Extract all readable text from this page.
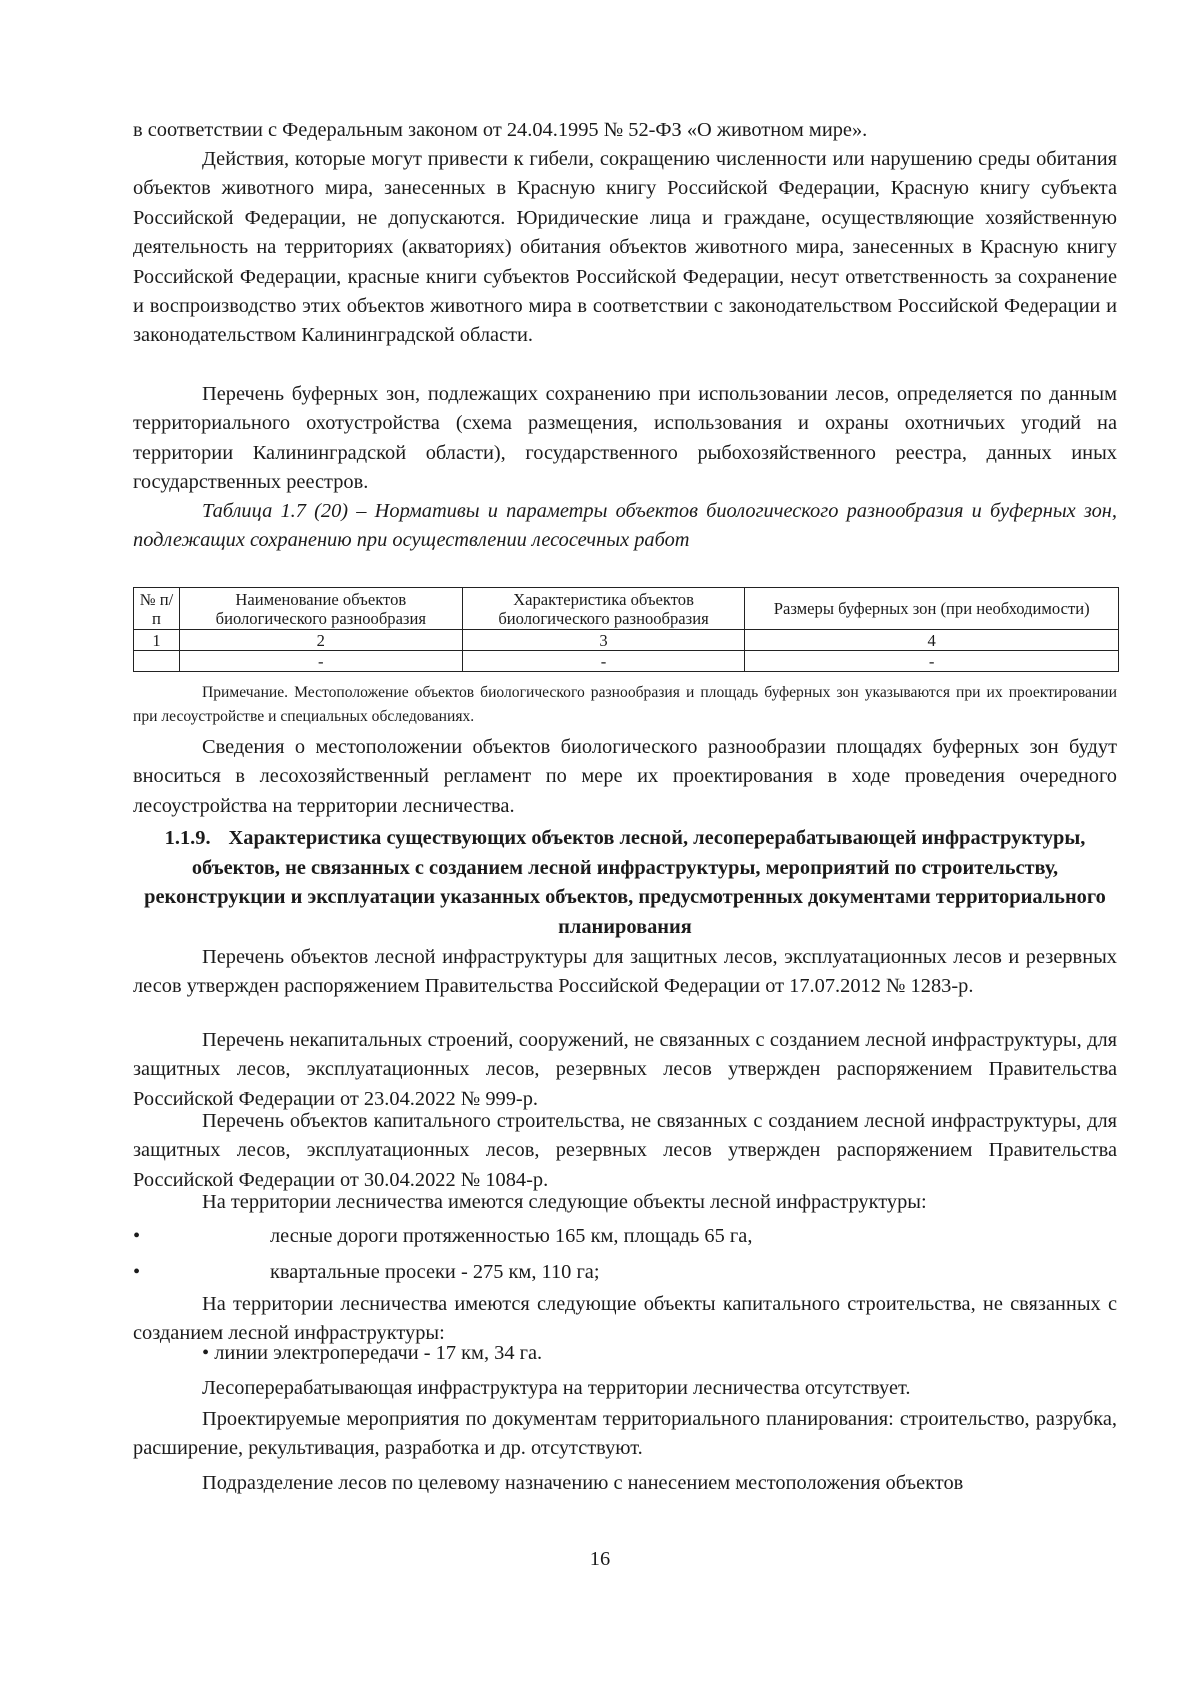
в соответствии с Федеральным законом от 24.04.1995 № 52-ФЗ «О животном мире».

Действия, которые могут привести к гибели, сокращению численности или нарушению среды обитания объектов животного мира, занесенных в Красную книгу Российской Федерации, Красную книгу субъекта Российской Федерации, не допускаются. Юридические лица и граждане, осуществляющие хозяйственную деятельность на территориях (акваториях) обитания объектов животного мира, занесенных в Красную книгу Российской Федерации, красные книги субъектов Российской Федерации, несут ответственность за сохранение и воспроизводство этих объектов животного мира в соответствии с законодательством Российской Федерации и законодательством Калининградской области.

Перечень буферных зон, подлежащих сохранению при использовании лесов, определяется по данным территориального охотустройства (схема размещения, использования и охраны охотничьих угодий на территории Калининградской области), государственного рыбохозяйственного реестра, данных иных государственных реестров.

Таблица 1.7 (20) – Нормативы и параметры объектов биологического разнообразия и буферных зон, подлежащих сохранению при осуществлении лесосечных работ

№ п/п	Наименование объектов биологического разнообразия	Характеристика объектов биологического разнообразия	Размеры буферных зон (при необходимости)
1	2	3	4
	-	-	-

Примечание. Местоположение объектов биологического разнообразия и площадь буферных зон указываются при их проектировании при лесоустройстве и специальных обследованиях.

Сведения о местоположении объектов биологического разнообразии площадях буферных зон будут вноситься в лесохозяйственный регламент по мере их проектирования в ходе проведения очередного лесоустройства на территории лесничества.

1.1.9. Характеристика существующих объектов лесной, лесоперерабатывающей инфраструктуры, объектов, не связанных с созданием лесной инфраструктуры, мероприятий по строительству, реконструкции и эксплуатации указанных объектов, предусмотренных документами территориального планирования

Перечень объектов лесной инфраструктуры для защитных лесов, эксплуатационных лесов и резервных лесов утвержден распоряжением Правительства Российской Федерации от 17.07.2012 № 1283-р.

Перечень некапитальных строений, сооружений, не связанных с созданием лесной инфраструктуры, для защитных лесов, эксплуатационных лесов, резервных лесов утвержден распоряжением Правительства Российской Федерации от 23.04.2022 № 999-р.

Перечень объектов капитального строительства, не связанных с созданием лесной инфраструктуры, для защитных лесов, эксплуатационных лесов, резервных лесов утвержден распоряжением Правительства Российской Федерации от 30.04.2022 № 1084-р.

На территории лесничества имеются следующие объекты лесной инфраструктуры:

•	лесные дороги протяженностью 165 км, площадь 65 га,
•	квартальные просеки - 275 км, 110 га;

На территории лесничества имеются следующие объекты капитального строительства, не связанных с созданием лесной инфраструктуры:

• линии электропередачи - 17 км, 34 га.

Лесоперерабатывающая инфраструктура на территории лесничества отсутствует.

Проектируемые мероприятия по документам территориального планирования: строительство, разрубка, расширение, рекультивация, разработка и др. отсутствуют.

Подразделение лесов по целевому назначению с нанесением местоположения объектов

16
